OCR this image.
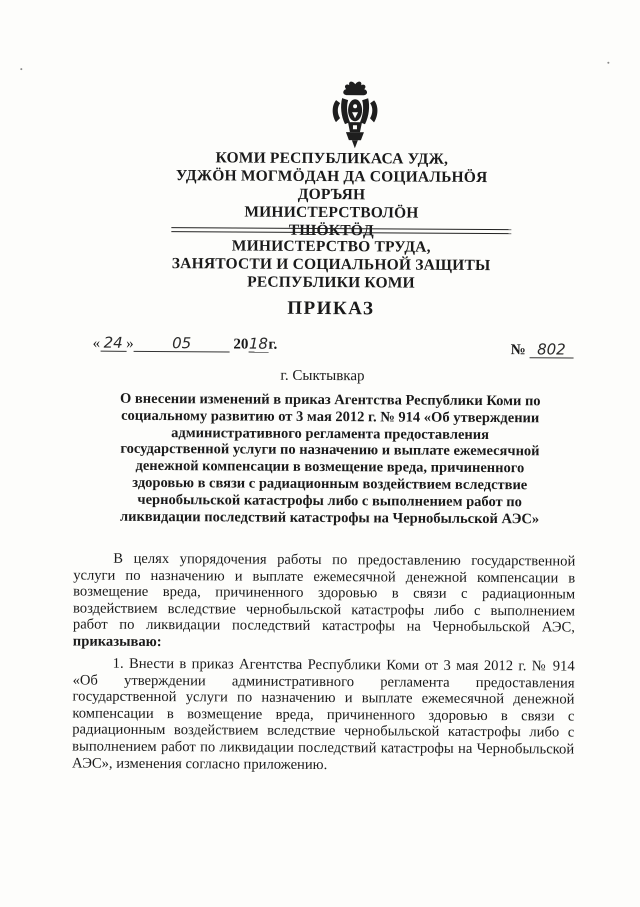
КОМИ РЕСПУБЛИКАСА УДЖ,
УДЖӦН МОГМӦДАН ДА СОЦИАЛЬНӦЯ ДОРЪЯН
МИНИСТЕРСТВОЛӦН
ТШӦКТӦД
МИНИСТЕРСТВО ТРУДА,
ЗАНЯТОСТИ И СОЦИАЛЬНОЙ ЗАЩИТЫ
РЕСПУБЛИКИ КОМИ
ПРИКАЗ
« 24 »	05	2018г.	№ 802
г. Сыктывкар
О внесении изменений в приказ Агентства Республики Коми по
социальному развитию от 3 мая 2012 г. № 914 «Об утверждении
административного регламента предоставления
государственной услуги по назначению и выплате ежемесячной
денежной компенсации в возмещение вреда, причиненного
здоровью в связи с радиационным воздействием вследствие
чернобыльской катастрофы либо с выполнением работ по
ликвидации последствий катастрофы на Чернобыльской АЭС»
В целях упорядочения работы по предоставлению государственной услуги по назначению и выплате ежемесячной денежной компенсации в возмещение вреда, причиненного здоровью в связи с радиационным воздействием вследствие чернобыльской катастрофы либо с выполнением работ по ликвидации последствий катастрофы на Чернобыльской АЭС, приказываю:
1. Внести в приказ Агентства Республики Коми от 3 мая 2012 г. № 914 «Об утверждении административного регламента предоставления государственной услуги по назначению и выплате ежемесячной денежной компенсации в возмещение вреда, причиненного здоровью в связи с радиационным воздействием вследствие чернобыльской катастрофы либо с выполнением работ по ликвидации последствий катастрофы на Чернобыльской АЭС», изменения согласно приложению.
